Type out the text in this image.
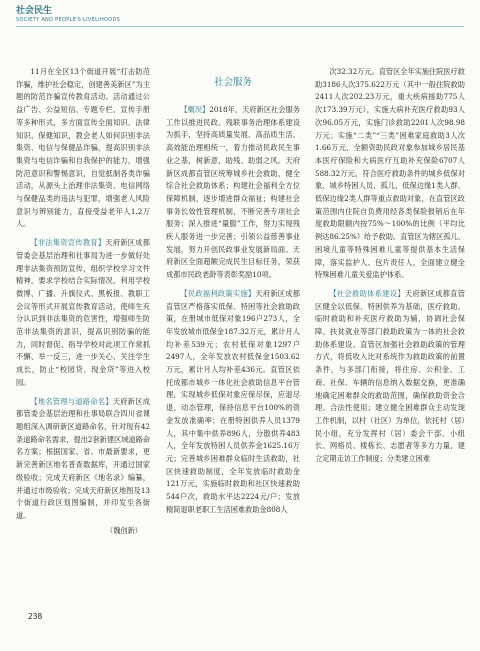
社会民生
SOCIETY AND PEOPLE'S LIVELIHOODS

11月在全区13个街道开展“打击防范诈骗，维护社会稳定，创建善美新区”为主题的防范诈骗宣传教育活动。活动通过公益广告、公益短信、专题专栏、宣传手册等多种形式，多方面宣传全面知识、法律知识、保健知识，教会老人如何识别非法集资、电信与保健品诈骗，提高识别非法集资与电信诈骗和自我保护的能力，增强防范意识和警惕意识，自觉抵制各类诈骗活动，从源头上治理非法集资、电信网络与保健品类的违法与犯罪，增强老人风险意识与辨别能力，直接受益老年人1.2万人。

【非法集资宣传教育】天府新区成都管委会基层治理和社事局为进一步做好处理非法集资预防宣传，组织学校学习文件精神，要求学校结合实际情况，利用学校微博、广播、升旗仪式、黑板报、教职工会议等形式开展宣传教育活动，使师生充分认识到非法集资的危害性，增强师生防范非法集资的意识，提高识别防骗的能力，同时督促、指导学校对此项工作常抓不懈、举一反三，进一步关心、关注学生成长，防止“校园贷、现金贷”等进入校园。

【地名管理与道路命名】天府新区成都管委会基层治理和社事局联合四川省课题组深入调研新区道路命名，针对现有42条道路命名需求，提出2套新建区域道路命名方案；根据国家、省、市最新要求，更新完善新区地名普查数据库，开通过国家级验收；完成天府新区《地名录》编纂，并通过市级验收；完成天府新区地图及13个街道行政区划图编制，并印发至各街道。

（魏创新）
社会服务

【概况】2018年，天府新区社会服务工作以推进民政、残联事务治理体系建设为抓手，坚持高质量发展、高品质生活、高效能治理相统一，着力推动民政民生事业之基，树新意，助残、助弱之风。天府新区成都直管区统筹城乡社会救助，健全综合社会救助体系；构建社会福利全方位保障机制，逐步增进群众福祉；构建社会事务长效性管理机制，不断完善专项社会服务；深入推进“量服”工作，努力实现残疾人服务进一步完善；引领公益慈善事业发展，努力开创民政事业发展新局面。天府新区全面超额完成民生目标任务，荣获成都市民政老龄等表彰奖励10项。

【民政福利政策实施】天府新区成都直管区严格落实低保、特困等社会救助政策，在册城市低保对象196户273人，全年发放城市低保金187.32万元，累计月人均补差539元；农村低保对象1297户2497人，全年发放农村低保金1503.62万元，累计月人均补差436元。直管区依托成都市城乡一体化社会救助信息平台管理，实现城乡低保对象应保尽保，应退尽退，动态管理，保持信息平台100%的资金发放准确率；在册特困供养人员1379人，其中集中供养896人，分散供养483人，全年发放特困人员供养金1625.16万元；完善城乡困难群众临时生活救助，社区快速救助制度，全年发放临时救助金121万元，实施临时救助和社区快速救助544户次，救助水平达2224元/户；发放精简退职老职工生活困难救助金808人

次32.32万元。直管区全年实施住院医疗救助3186人次375.622万元（其中一般住院救助2411人次202.23万元，重大疾病援助775人次173.39万元），实施大病补充医疗救助93人次96.05万元，实施门诊救助2201人次98.98万元；实施“二类”“三类”困难家庭救助3人次1.66万元，全额资助民政对象参加城乡居民基本医疗保险和大病医疗互助补充保险6707人588.32万元，符合医疗救助条件的城乡低保对象、城乡特困人员、孤儿、低保边缘1类人群、低保边缘2类人群等重点救助对象，在直管区政策范围内住院自负费用经各类保险报销后在年度救助限额内按75%～100%的比例（平均比例达86.25%）给予救助。直管区为辖区孤儿、困境儿童等特殊困难儿童等提供基本生活保障，落实监护人、包片责任人，全面建立健全特殊困难儿童关爱监护体系。

【社会救助体系建设】天府新区成都直管区健全以低保、特困供养为基础，医疗救助、临时救助和补充医疗救助为辅，协调社会保障、扶贫就业等部门救助政策为一体的社会救助体系建设。直管区加强社会救助政策的管理方式，将低收入比对系统作为救助政策的前置条件，与多部门衔接，将住房、公积金、工商、社保、车辆的信息纳入数据交换，更准确地确定困难群众的救助范围，确保救助资金合理、合法性使用；建立健全困难群众主动发现工作机制，以村（社区）为单位，依托村（居）民小组，充分发挥村（居）委会干部、小组长、网格员、楼栋长、志愿者等多方力量，建立定期走访工作制度；分类建立困难

238
